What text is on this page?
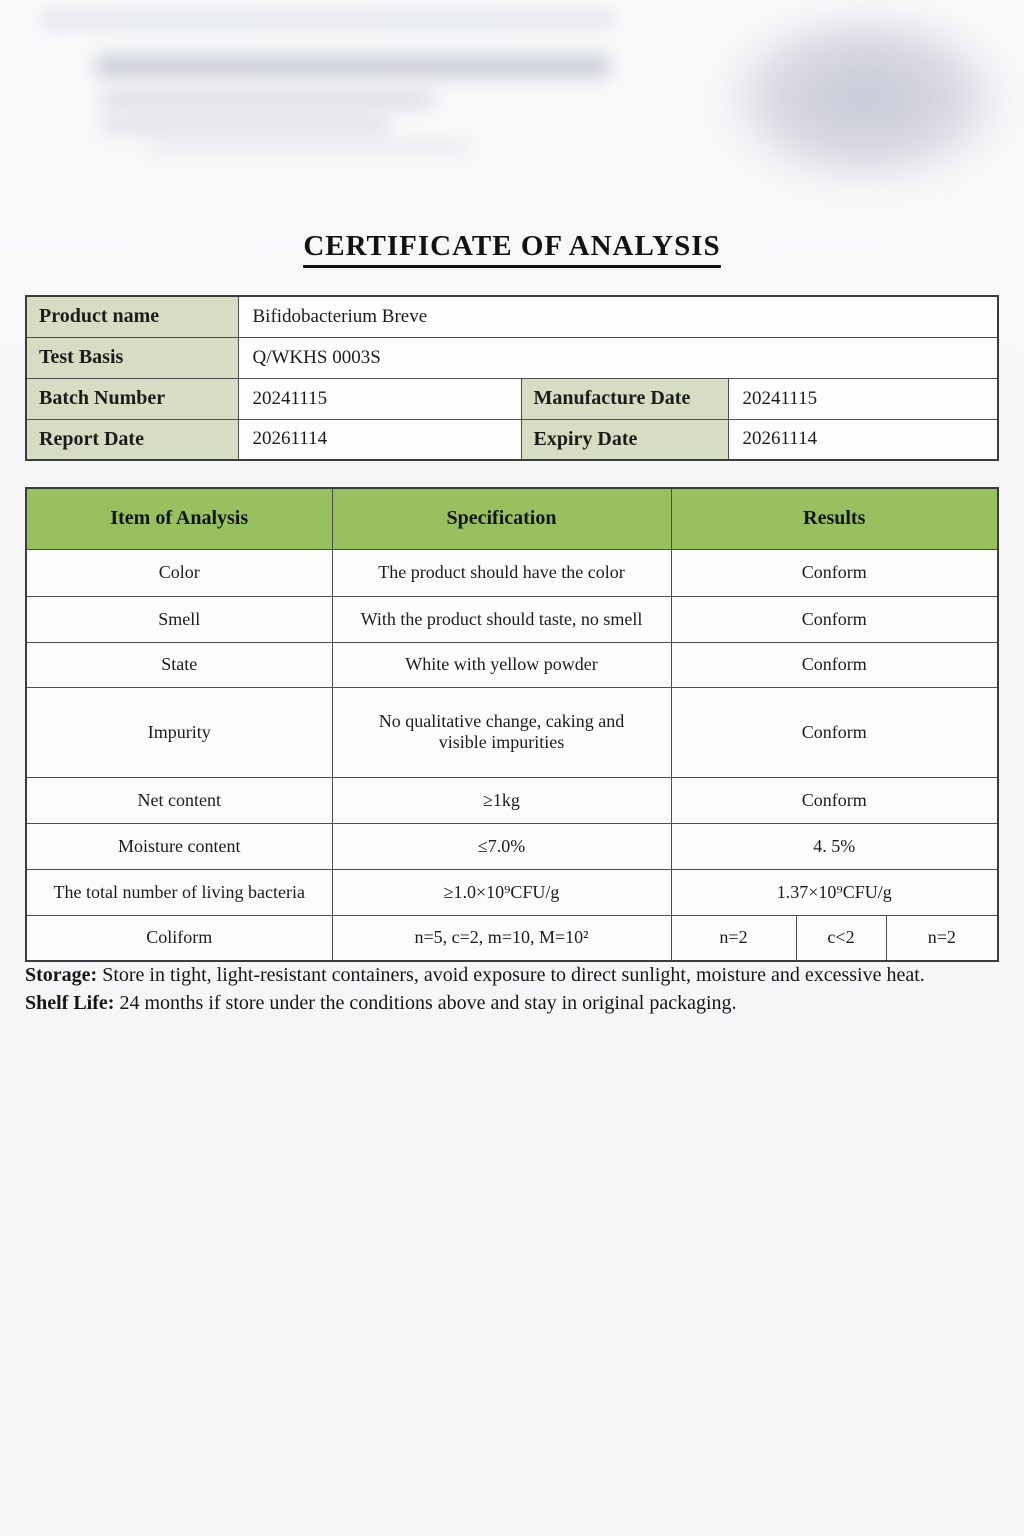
CERTIFICATE OF ANALYSIS
Product name	Bifidobacterium Breve		
Test Basis	Q/WKHS 0003S		
Batch Number	20241115	Manufacture Date	20241115
Report Date	20261114	Expiry Date	20261114
Item of Analysis	Specification	Results		
Color	The product should have the color	Conform		
Smell	With the product should taste, no smell	Conform		
State	White with yellow powder	Conform		
Impurity	No qualitative change, caking and visible impurities	Conform		
Net content	≥1kg	Conform		
Moisture content	≤7.0%	4. 5%		
The total number of living bacteria	≥1.0×10⁹CFU/g	1.37×10⁹CFU/g		
Coliform	n=5, c=2, m=10, M=10²	n=2	c<2	n=2
Storage: Store in tight, light-resistant containers, avoid exposure to direct sunlight, moisture and excessive heat.
Shelf Life: 24 months if store under the conditions above and stay in original packaging.
